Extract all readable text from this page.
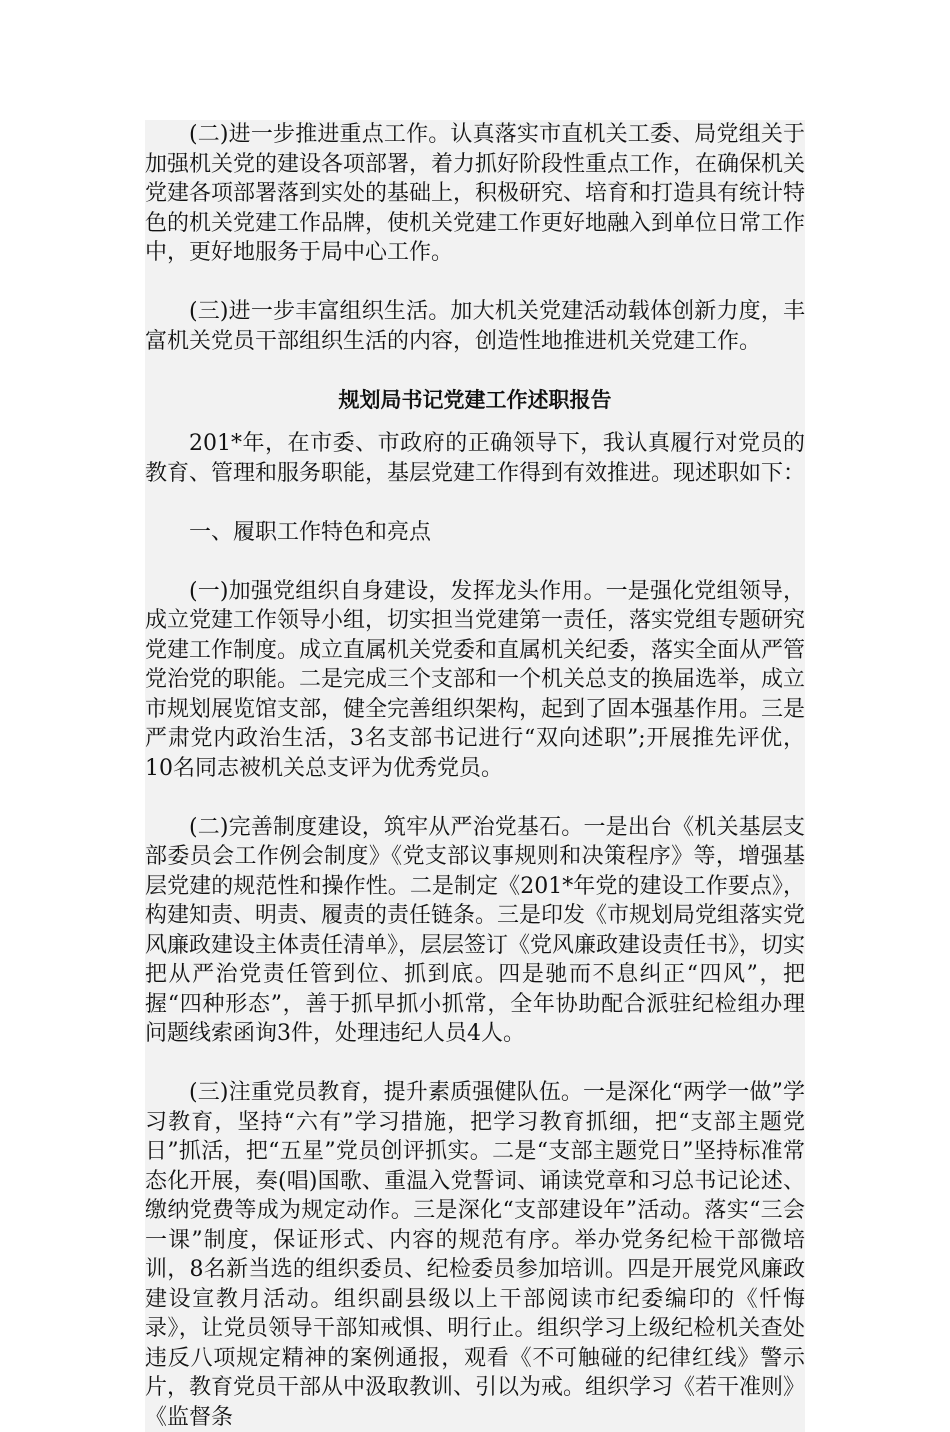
(二)进一步推进重点工作。认真落实市直机关工委、局党组关于加强机关党的建设各项部署，着力抓好阶段性重点工作，在确保机关党建各项部署落到实处的基础上，积极研究、培育和打造具有统计特色的机关党建工作品牌，使机关党建工作更好地融入到单位日常工作中，更好地服务于局中心工作。

(三)进一步丰富组织生活。加大机关党建活动载体创新力度，丰富机关党员干部组织生活的内容，创造性地推进机关党建工作。

规划局书记党建工作述职报告

201*年，在市委、市政府的正确领导下，我认真履行对党员的教育、管理和服务职能，基层党建工作得到有效推进。现述职如下：

一、履职工作特色和亮点

(一)加强党组织自身建设，发挥龙头作用。一是强化党组领导，成立党建工作领导小组，切实担当党建第一责任，落实党组专题研究党建工作制度。成立直属机关党委和直属机关纪委，落实全面从严管党治党的职能。二是完成三个支部和一个机关总支的换届选举，成立市规划展览馆支部，健全完善组织架构，起到了固本强基作用。三是严肃党内政治生活，3名支部书记进行“双向述职”;开展推先评优，10名同志被机关总支评为优秀党员。

(二)完善制度建设，筑牢从严治党基石。一是出台《机关基层支部委员会工作例会制度》《党支部议事规则和决策程序》等，增强基层党建的规范性和操作性。二是制定《201*年党的建设工作要点》，构建知责、明责、履责的责任链条。三是印发《市规划局党组落实党风廉政建设主体责任清单》，层层签订《党风廉政建设责任书》，切实把从严治党责任管到位、抓到底。四是驰而不息纠正“四风”，把握“四种形态”，善于抓早抓小抓常，全年协助配合派驻纪检组办理问题线索函询3件，处理违纪人员4人。

(三)注重党员教育，提升素质强健队伍。一是深化“两学一做”学习教育，坚持“六有”学习措施，把学习教育抓细，把“支部主题党日”抓活，把“五星”党员创评抓实。二是“支部主题党日”坚持标准常态化开展，奏(唱)国歌、重温入党誓词、诵读党章和习总书记论述、缴纳党费等成为规定动作。三是深化“支部建设年”活动。落实“三会一课”制度，保证形式、内容的规范有序。举办党务纪检干部微培训，8名新当选的组织委员、纪检委员参加培训。四是开展党风廉政建设宣教月活动。组织副县级以上干部阅读市纪委编印的《忏悔录》，让党员领导干部知戒惧、明行止。组织学习上级纪检机关查处违反八项规定精神的案例通报，观看《不可触碰的纪律红线》警示片，教育党员干部从中汲取教训、引以为戒。组织学习《若干准则》《监督条
